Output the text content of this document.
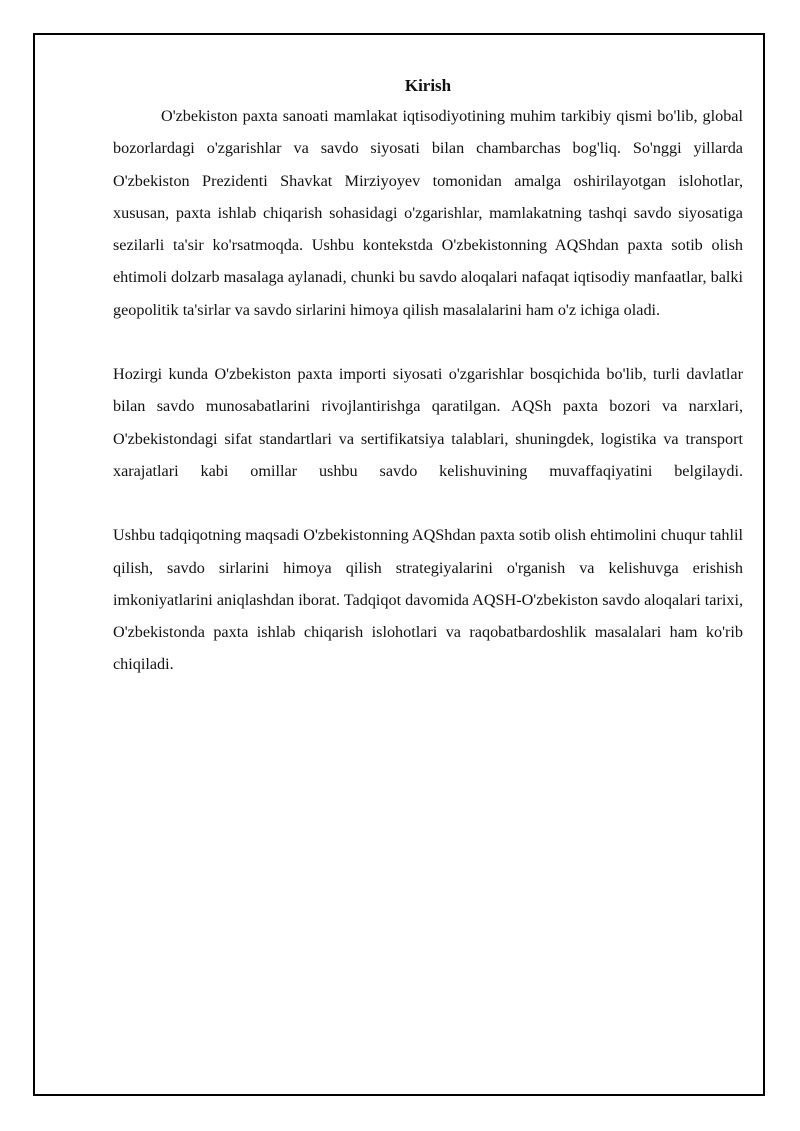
Kirish

O'zbekiston paxta sanoati mamlakat iqtisodiyotining muhim tarkibiy qismi bo'lib, global bozorlardagi o'zgarishlar va savdo siyosati bilan chambarchas bog'liq. So'nggi yillarda O'zbekiston Prezidenti Shavkat Mirziyoyev tomonidan amalga oshirilayotgan islohotlar, xususan, paxta ishlab chiqarish sohasidagi o'zgarishlar, mamlakatning tashqi savdo siyosatiga sezilarli ta'sir ko'rsatmoqda. Ushbu kontekstda O'zbekistonning AQShdan paxta sotib olish ehtimoli dolzarb masalaga aylanadi, chunki bu savdo aloqalari nafaqat iqtisodiy manfaatlar, balki geopolitik ta'sirlar va savdo sirlarini himoya qilish masalalarini ham o'z ichiga oladi.

Hozirgi kunda O'zbekiston paxta importi siyosati o'zgarishlar bosqichida bo'lib, turli davlatlar bilan savdo munosabatlarini rivojlantirishga qaratilgan. AQSh paxta bozori va narxlari, O'zbekistondagi sifat standartlari va sertifikatsiya talablari, shuningdek, logistika va transport xarajatlari kabi omillar ushbu savdo kelishuvining muvaffaqiyatini belgilaydi.

Ushbu tadqiqotning maqsadi O'zbekistonning AQShdan paxta sotib olish ehtimolini chuqur tahlil qilish, savdo sirlarini himoya qilish strategiyalarini o'rganish va kelishuvga erishish imkoniyatlarini aniqlashdan iborat. Tadqiqot davomida AQSH-O'zbekiston savdo aloqalari tarixi, O'zbekistonda paxta ishlab chiqarish islohotlari va raqobatbardoshlik masalalari ham ko'rib chiqiladi.
